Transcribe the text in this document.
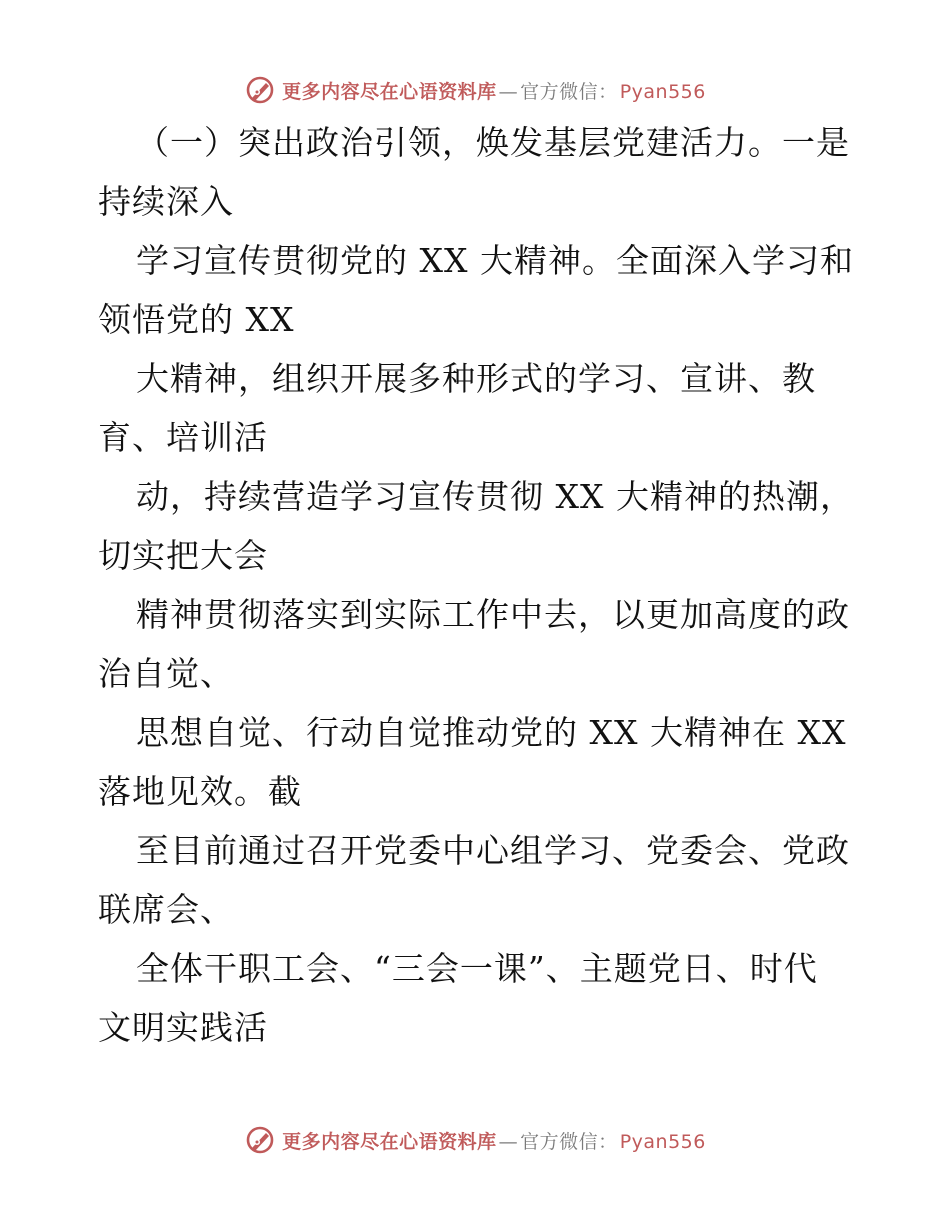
更多内容尽在心语资料库 — 官方微信： Pyan556
（一）突出政治引领，焕发基层党建活力。一是
持续深入
学习宣传贯彻党的 XX 大精神。全面深入学习和
领悟党的 XX
大精神，组织开展多种形式的学习、宣讲、教
育、培训活
动，持续营造学习宣传贯彻 XX 大精神的热潮，
切实把大会
精神贯彻落实到实际工作中去，以更加高度的政
治自觉、
思想自觉、行动自觉推动党的 XX 大精神在 XX
落地见效。截
至目前通过召开党委中心组学习、党委会、党政
联席会、
全体干职工会、“三会一课”、主题党日、时代
文明实践活
更多内容尽在心语资料库 — 官方微信： Pyan556
